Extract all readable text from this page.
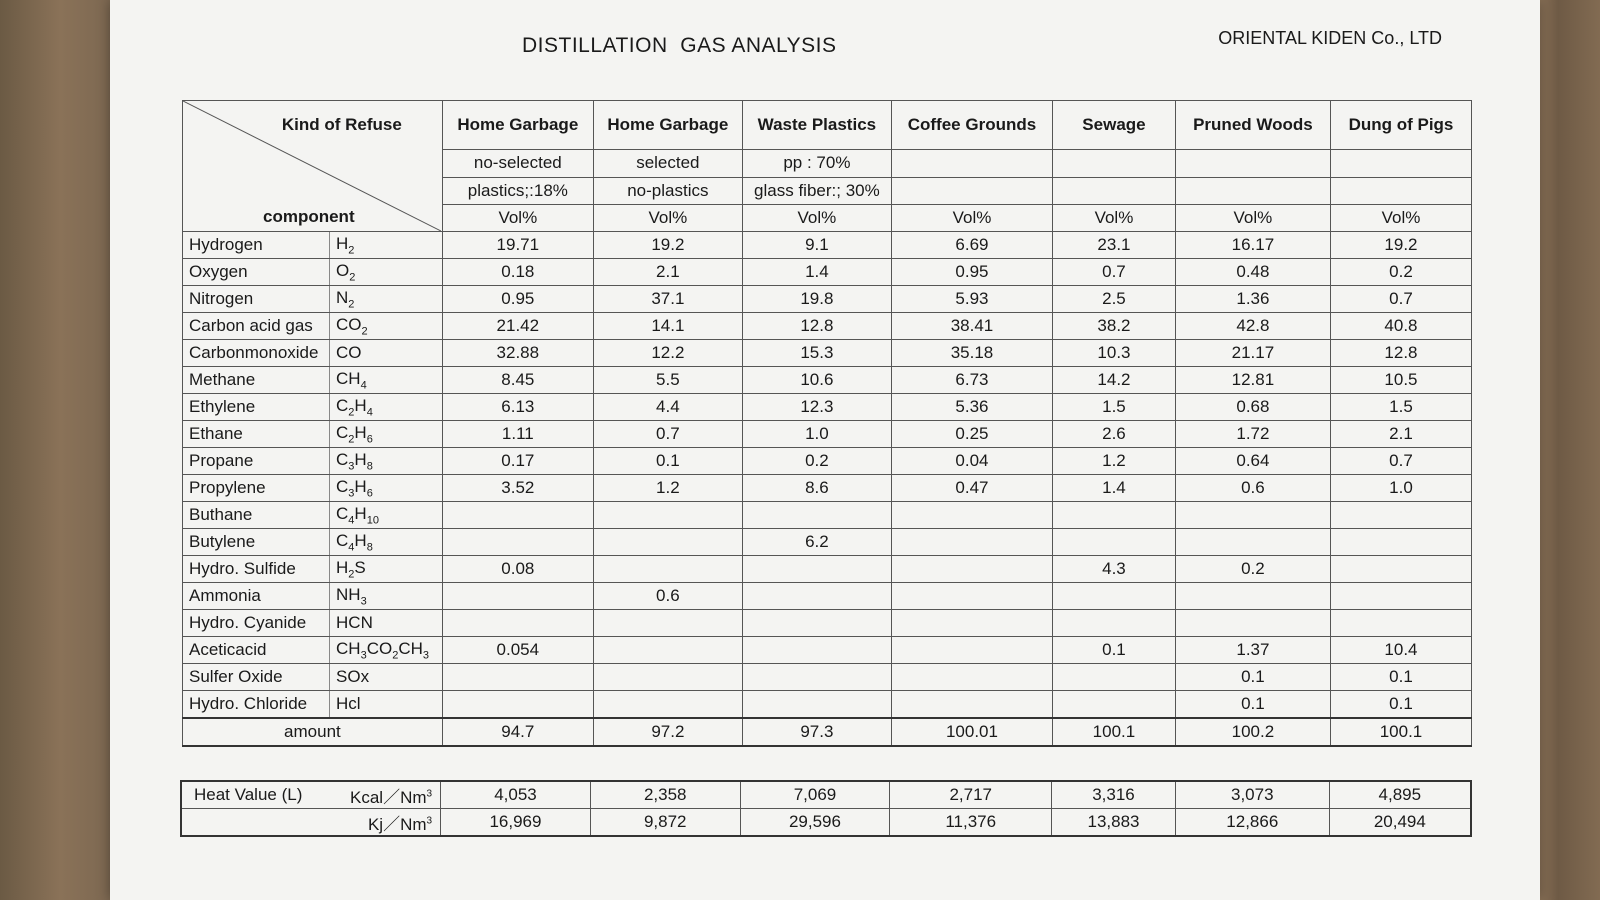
DISTILLATION  GAS ANALYSIS	ORIENTAL KIDEN Co., LTD
Kind of Refuse
component		Home Garbage	Home Garbage	Waste Plastics	Coffee Grounds	Sewage	Pruned Woods	Dung of Pigs
		no-selected	selected	pp : 70%				
		plastics;:18%	no-plastics	glass fiber:; 30%				
		Vol%	Vol%	Vol%	Vol%	Vol%	Vol%	Vol%
Hydrogen	$H_2$	19.71	19.2	9.1	6.69	23.1	16.17	19.2
Oxygen	$O_2$	0.18	2.1	1.4	0.95	0.7	0.48	0.2
Nitrogen	$N_2$	0.95	37.1	19.8	5.93	2.5	1.36	0.7
Carbon acid gas	$CO_2$	21.42	14.1	12.8	38.41	38.2	42.8	40.8
Carbonmonoxide	CO	32.88	12.2	15.3	35.18	10.3	21.17	12.8
Methane	$CH_4$	8.45	5.5	10.6	6.73	14.2	12.81	10.5
Ethylene	$C_2H_4$	6.13	4.4	12.3	5.36	1.5	0.68	1.5
Ethane	$C_2H_6$	1.11	0.7	1.0	0.25	2.6	1.72	2.1
Propane	$C_3H_8$	0.17	0.1	0.2	0.04	1.2	0.64	0.7
Propylene	$C_3H_6$	3.52	1.2	8.6	0.47	1.4	0.6	1.0
Buthane	$C_4H_{10}$							
Butylene	$C_4H_8$			6.2				
Hydro. Sulfide	$H_2S$	0.08				4.3	0.2	
Ammonia	$NH_3$		0.6					
Hydro. Cyanide	HCN							
Aceticacid	$CH_3CO_2CH_3$	0.054				0.1	1.37	10.4
Sulfer Oxide	SOx						0.1	0.1
Hydro. Chloride	Hcl						0.1	0.1
amount		94.7	97.2	97.3	100.01	100.1	100.2	100.1
Heat Value (L)	Kcal／Nm$^3$	4,053	2,358	7,069	2,717	3,316	3,073	4,895
	Kj／Nm$^3$	16,969	9,872	29,596	11,376	13,883	12,866	20,494
